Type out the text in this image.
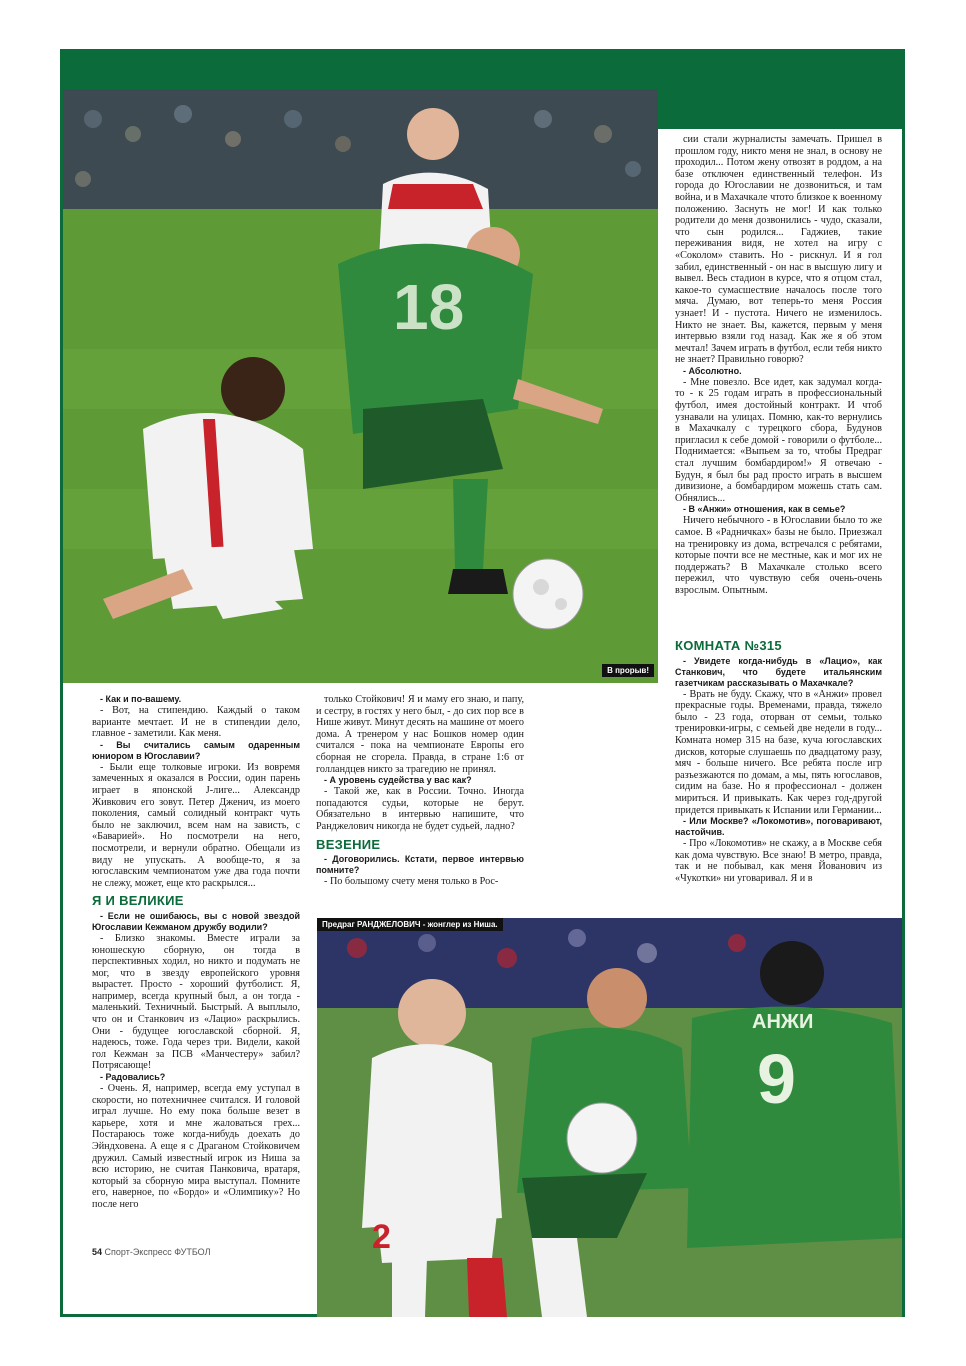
18
В прорыв!

сии стали журналисты замечать. Пришел в прошлом году, никто меня не знал, в основу не проходил... Потом жену отвозят в роддом, а на базе отключен единственный телефон. Из города до Югославии не дозвониться, и там война, и в Махачкале чтото близкое к военному положению. Заснуть не мог! И как только родители до меня дозвонились - чудо, сказали, что сын родился... Гаджиев, такие переживания видя, не хотел на игру с «Соколом» ставить. Но - рискнул. И я гол забил, единственный - он нас в высшую лигу и вывел. Весь стадион в курсе, что я отцом стал, какое-то сумасшествие началось после того мяча. Думаю, вот теперь-то меня Россия узнает! И - пустота. Ничего не изменилось. Никто не знает. Вы, кажется, первым у меня интервью взяли год назад. Как же я об этом мечтал! Зачем играть в футбол, если тебя никто не знает? Правильно говорю?

- Абсолютно.

- Мне повезло. Все идет, как задумал когда-то - к 25 годам играть в профессиональный футбол, имея достойный контракт. И чтоб узнавали на улицах. Помню, как-то вернулись в Махачкалу с турецкого сбора, Будунов пригласил к себе домой - говорили о футболе... Поднимается: «Выпьем за то, чтобы Предраг стал лучшим бомбардиром!» Я отвечаю - Будун, я был бы рад просто играть в высшем дивизионе, а бомбардиром можешь стать сам. Обнялись...

- В «Анжи» отношения, как в семье?

Ничего небычного - в Югославии было то же самое. В «Радничках» базы не было. Приезжал на тренировку из дома, встречался с ребятами, которые почти все не местные, как и мог их не поддержать? В Махачкале столько всего пережил, что чувствую себя очень-очень взрослым. Опытным.

КОМНАТА №315

- Увидете когда-нибудь в «Лацио», как Станкович, что будете итальянским газетчикам рассказывать о Махачкале?

- Врать не буду. Скажу, что в «Анжи» провел прекрасные годы. Временами, правда, тяжело было - 23 года, оторван от семьи, только тренировки-игры, с семьей две недели в году... Комната номер 315 на базе, куча югославских дисков, которые слушаешь по двадцатому разу, мяч - больше ничего. Все ребята после игр разъезжаются по домам, а мы, пять югославов, сидим на базе. Но я профессионал - должен мириться. И привыкать. Как через год-другой придется привыкать к Испании или Германии...

- Или Москве? «Локомотив», поговаривают, настойчив.

- Про «Локомотив» не скажу, а в Москве себя как дома чувствую. Все знаю! В метро, правда, так и не побывал, как меня Йованович из «Чукотки» ни уговаривал. Я и в

- Как и по-вашему.

- Вот, на стипендию. Каждый о таком варианте мечтает. И не в стипендии дело, главное - заметили. Как меня.

- Вы считались самым одаренным юниором в Югославии?

- Были еще толковые игроки. Из вовремя замеченных я оказался в России, один парень играет в японской J-лиге... Александр Живкович его зовут. Петер Дженич, из моего поколения, самый солидный контракт чуть было не заключил, всем нам на зависть, с «Баварией». Но посмотрели на него, посмотрели, и вернули обратно. Обещали из виду не упускать. А вообще-то, я за югославским чемпионатом уже два года почти не слежу, может, еще кто раскрылся...

Я И ВЕЛИКИЕ

- Если не ошибаюсь, вы с новой звездой Югославии Кежманом дружбу водили?

- Близко знакомы. Вместе играли за юношескую сборную, он тогда в перспективных ходил, но никто и подумать не мог, что в звезду европейского уровня вырастет. Просто - хороший футболист. Я, например, всегда крупный был, а он тогда - маленький. Техничный. Быстрый. А выплыло, что он и Станкович из «Лацио» раскрылись. Они - будущее югославской сборной. Я, надеюсь, тоже. Года через три. Видели, какой гол Кежман за ПСВ «Манчестеру» забил? Потрясающе!

- Радовались?

- Очень. Я, например, всегда ему уступал в скорости, но потехничнее считался. И головой играл лучше. Но ему пока больше везет в карьере, хотя и мне жаловаться грех... Постараюсь тоже когда-нибудь доехать до Эйндховена. А еще я с Драганом Стойковичем дружил. Самый известный игрок из Ниша за всю историю, не считая Панковича, вратаря, который за сборную мира выступал. Помните его, наверное, по «Бордо» и «Олимпику»? Но после него

только Стойкович! Я и маму его знаю, и папу, и сестру, в гостях у него был, - до сих пор все в Нише живут. Минут десять на машине от моего дома. А тренером у нас Бошков номер один считался - пока на чемпионате Европы его сборная не сгорела. Правда, в стране 1:6 от голландцев никто за трагедию не принял.

- А уровень судейства у вас как?

- Такой же, как в России. Точно. Иногда попадаются судьи, которые не берут. Обязательно в интервью напишите, что Ранджелович никогда не будет судьей, ладно?

ВЕЗЕНИЕ

- Договорились. Кстати, первое интервью помните?

- По большому счету меня только в Рос-

2
АНЖИ
9
Предраг РАНДЖЕЛОВИЧ - жонглер из Ниша.
54 Спорт-Экспресс ФУТБОЛ
